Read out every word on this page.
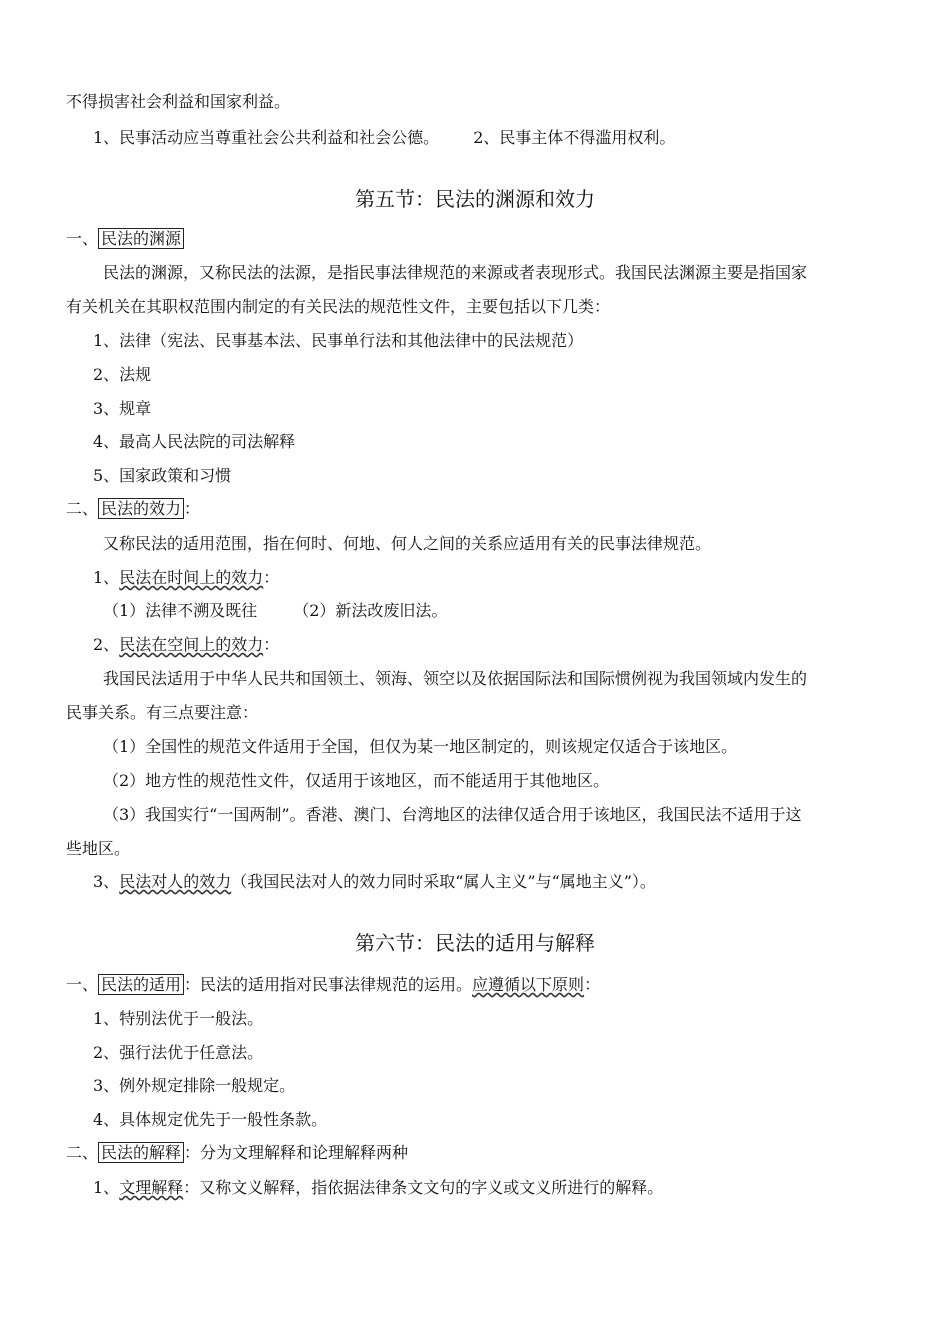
不得损害社会利益和国家利益。
1、民事活动应当尊重社会公共利益和社会公德。 2、民事主体不得滥用权利。
第五节：民法的渊源和效力
一、 民法的渊源
民法的渊源，又称民法的法源，是指民事法律规范的来源或者表现形式。我国民法渊源主要是指国家
有关机关在其职权范围内制定的有关民法的规范性文件，主要包括以下几类：
1、法律（宪法、民事基本法、民事单行法和其他法律中的民法规范）
2、法规
3、规章
4、最高人民法院的司法解释
5、国家政策和习惯
二、 民法的效力 ：
又称民法的适用范围，指在何时、何地、何人之间的关系应适用有关的民事法律规范。
1、民法在时间上的效力：
（1）法律不溯及既往 （2）新法改废旧法。
2、民法在空间上的效力：
我国民法适用于中华人民共和国领土、领海、领空以及依据国际法和国际惯例视为我国领域内发生的
民事关系。有三点要注意：
（1）全国性的规范文件适用于全国，但仅为某一地区制定的，则该规定仅适合于该地区。
（2）地方性的规范性文件，仅适用于该地区，而不能适用于其他地区。
（3）我国实行“一国两制”。香港、澳门、台湾地区的法律仅适合用于该地区，我国民法不适用于这
些地区。
3、民法对人的效力（我国民法对人的效力同时采取“属人主义”与“属地主义”）。
第六节：民法的适用与解释
一、 民法的适用 ：民法的适用指对民事法律规范的运用。应遵循以下原则：
1、特别法优于一般法。
2、强行法优于任意法。
3、例外规定排除一般规定。
4、具体规定优先于一般性条款。
二、 民法的解释 ：分为文理解释和论理解释两种
1、文理解释：又称文义解释，指依据法律条文文句的字义或文义所进行的解释。
